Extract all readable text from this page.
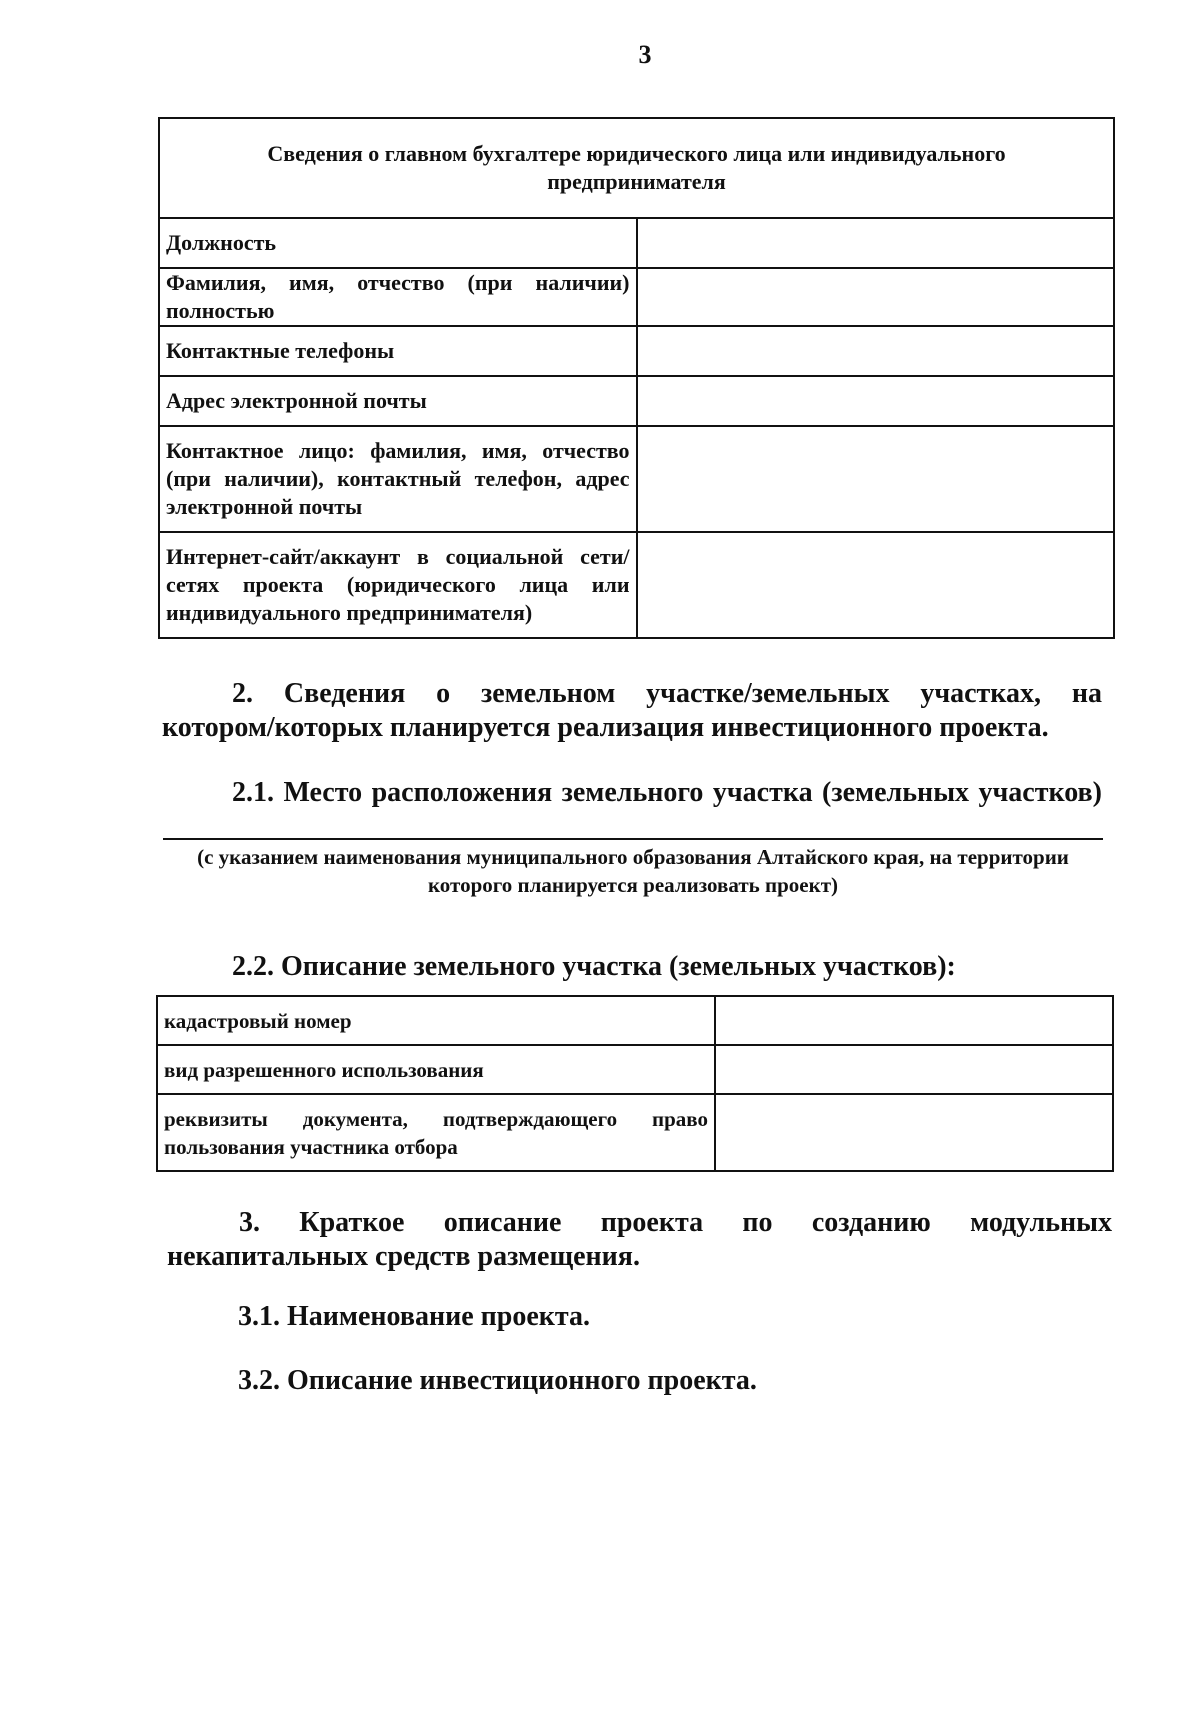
3
Сведения о главном бухгалтере юридического лица или индивидуального предпринимателя	
Должность	
Фамилия, имя, отчество (при наличии) полностью	
Контактные телефоны	
Адрес электронной почты	
Контактное лицо: фамилия, имя, отчество (при наличии), контактный телефон, адрес электронной почты	
Интернет-сайт/аккаунт в социальной сети/сетях проекта (юридического лица или индивидуального предпринимателя)	
2. Сведения о земельном участке/земельных участках, на
котором/которых планируется реализация инвестиционного проекта.
2.1. Место расположения земельного участка (земельных участков)
(с указанием наименования муниципального образования Алтайского края, на территории которого планируется реализовать проект)
2.2. Описание земельного участка (земельных участков):
кадастровый номер	
вид разрешенного использования	
реквизиты документа, подтверждающего право пользования участника отбора	
3. Краткое описание проекта по созданию модульных некапитальных средств размещения.
3.1. Наименование проекта.
3.2. Описание инвестиционного проекта.
